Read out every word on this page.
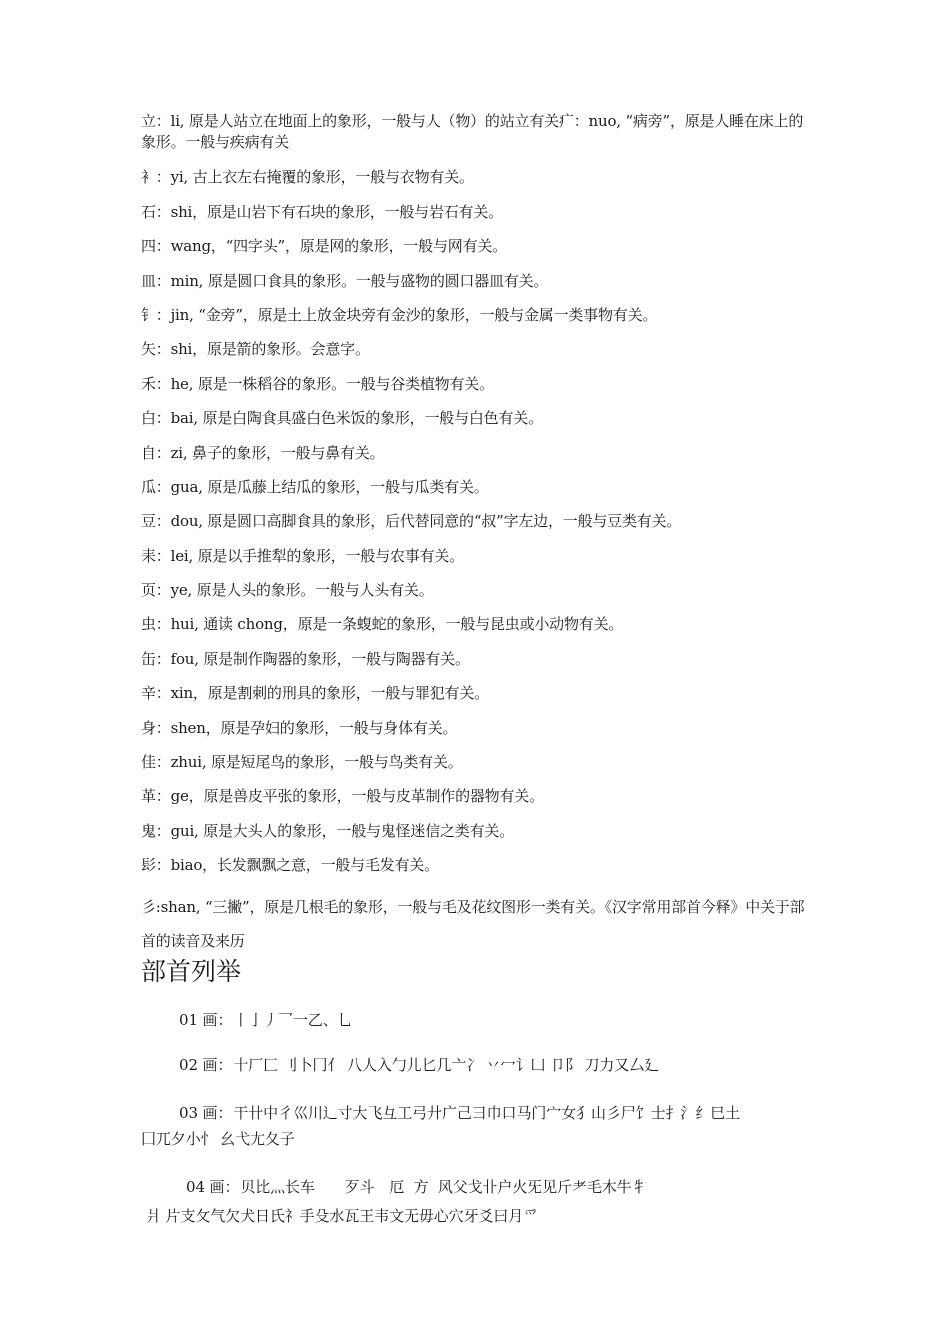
立：li, 原是人站立在地面上的象形，一般与人（物）的站立有关疒：nuo, “病旁”，原是人睡在床上的象形。一般与疾病有关

衤：yi, 古上衣左右掩覆的象形，一般与衣物有关。

石：shi，原是山岩下有石块的象形，一般与岩石有关。

四：wang，“四字头”，原是网的象形，一般与网有关。

皿：min, 原是圆口食具的象形。一般与盛物的圆口器皿有关。

钅：jin, “金旁”，原是土上放金块旁有金沙的象形，一般与金属一类事物有关。

矢：shi，原是箭的象形。会意字。

禾：he, 原是一株稻谷的象形。一般与谷类植物有关。

白：bai, 原是白陶食具盛白色米饭的象形，一般与白色有关。

自：zi, 鼻子的象形，一般与鼻有关。

瓜：gua, 原是瓜藤上结瓜的象形，一般与瓜类有关。

豆：dou, 原是圆口高脚食具的象形，后代替同意的“叔”字左边，一般与豆类有关。

耒：lei, 原是以手推犁的象形，一般与农事有关。

页：ye, 原是人头的象形。一般与人头有关。

虫：hui, 通读 chong，原是一条蝮蛇的象形，一般与昆虫或小动物有关。

缶：fou, 原是制作陶器的象形，一般与陶器有关。

辛：xin，原是割刺的刑具的象形，一般与罪犯有关。

身：shen，原是孕妇的象形，一般与身体有关。

佳：zhui, 原是短尾鸟的象形，一般与鸟类有关。

革：ge，原是兽皮平张的象形，一般与皮革制作的器物有关。

鬼：gui, 原是大头人的象形，一般与鬼怪迷信之类有关。

髟：biao，长发飘飘之意，一般与毛发有关。

彡:shan, “三撇”，原是几根毛的象形，一般与毛及花纹图形一类有关。《汉字常用部首今释》中关于部首的读音及来历

部首列举
01 画：丨亅丿乛一乙、乚
02 画：十厂匚 刂卜冂亻 八人入勹儿匕几亠冫 丷冖讠凵 卩阝 刀力又厶廴
03 画：干卄中彳巛川辶寸大飞彑工弓廾广己彐巾口马门宀女犭山彡尸饣士扌氵纟巳土
囗兀夕小忄 幺弋尢夂子
04 画：贝比灬长车　　歹斗　厄  方  风父戈卝户火旡见斤耂毛木牛牜
爿 片支攵气欠犬日氏礻手殳水瓦王韦文无毋心穴牙爻曰月爫
